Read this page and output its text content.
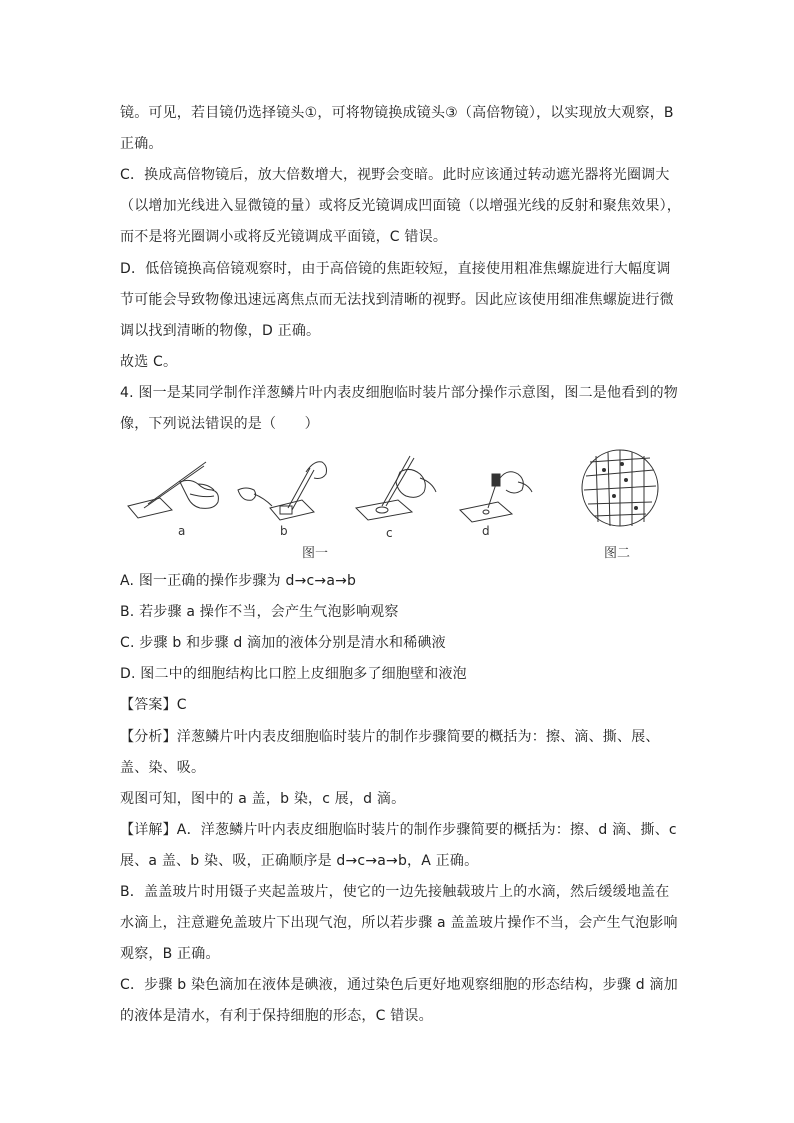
镜。可见，若目镜仍选择镜头①，可将物镜换成镜头③（高倍物镜），以实现放大观察，B
正确。
C．换成高倍物镜后，放大倍数增大，视野会变暗。此时应该通过转动遮光器将光圈调大
（以增加光线进入显微镜的量）或将反光镜调成凹面镜（以增强光线的反射和聚焦效果），
而不是将光圈调小或将反光镜调成平面镜，C 错误。
D．低倍镜换高倍镜观察时，由于高倍镜的焦距较短，直接使用粗准焦螺旋进行大幅度调
节可能会导致物像迅速远离焦点而无法找到清晰的视野。因此应该使用细准焦螺旋进行微
调以找到清晰的物像，D 正确。
故选 C。
4. 图一是某同学制作洋葱鳞片叶内表皮细胞临时装片部分操作示意图，图二是他看到的物
像，下列说法错误的是（　　）
a	b	c	d
图一	图二
A. 图一正确的操作步骤为 d→c→a→b
B. 若步骤 a 操作不当，会产生气泡影响观察
C. 步骤 b 和步骤 d 滴加的液体分别是清水和稀碘液
D. 图二中的细胞结构比口腔上皮细胞多了细胞壁和液泡
【答案】C
【分析】洋葱鳞片叶内表皮细胞临时装片的制作步骤简要的概括为：擦、滴、撕、展、
盖、染、吸。
观图可知，图中的 a 盖，b 染，c 展，d 滴。
【详解】A．洋葱鳞片叶内表皮细胞临时装片的制作步骤简要的概括为：擦、d 滴、撕、c
展、a 盖、b 染、吸，正确顺序是 d→c→a→b，A 正确。
B．盖盖玻片时用镊子夹起盖玻片，使它的一边先接触载玻片上的水滴，然后缓缓地盖在
水滴上，注意避免盖玻片下出现气泡，所以若步骤 a 盖盖玻片操作不当，会产生气泡影响
观察，B 正确。
C．步骤 b 染色滴加在液体是碘液，通过染色后更好地观察细胞的形态结构，步骤 d 滴加
的液体是清水，有利于保持细胞的形态，C 错误。
